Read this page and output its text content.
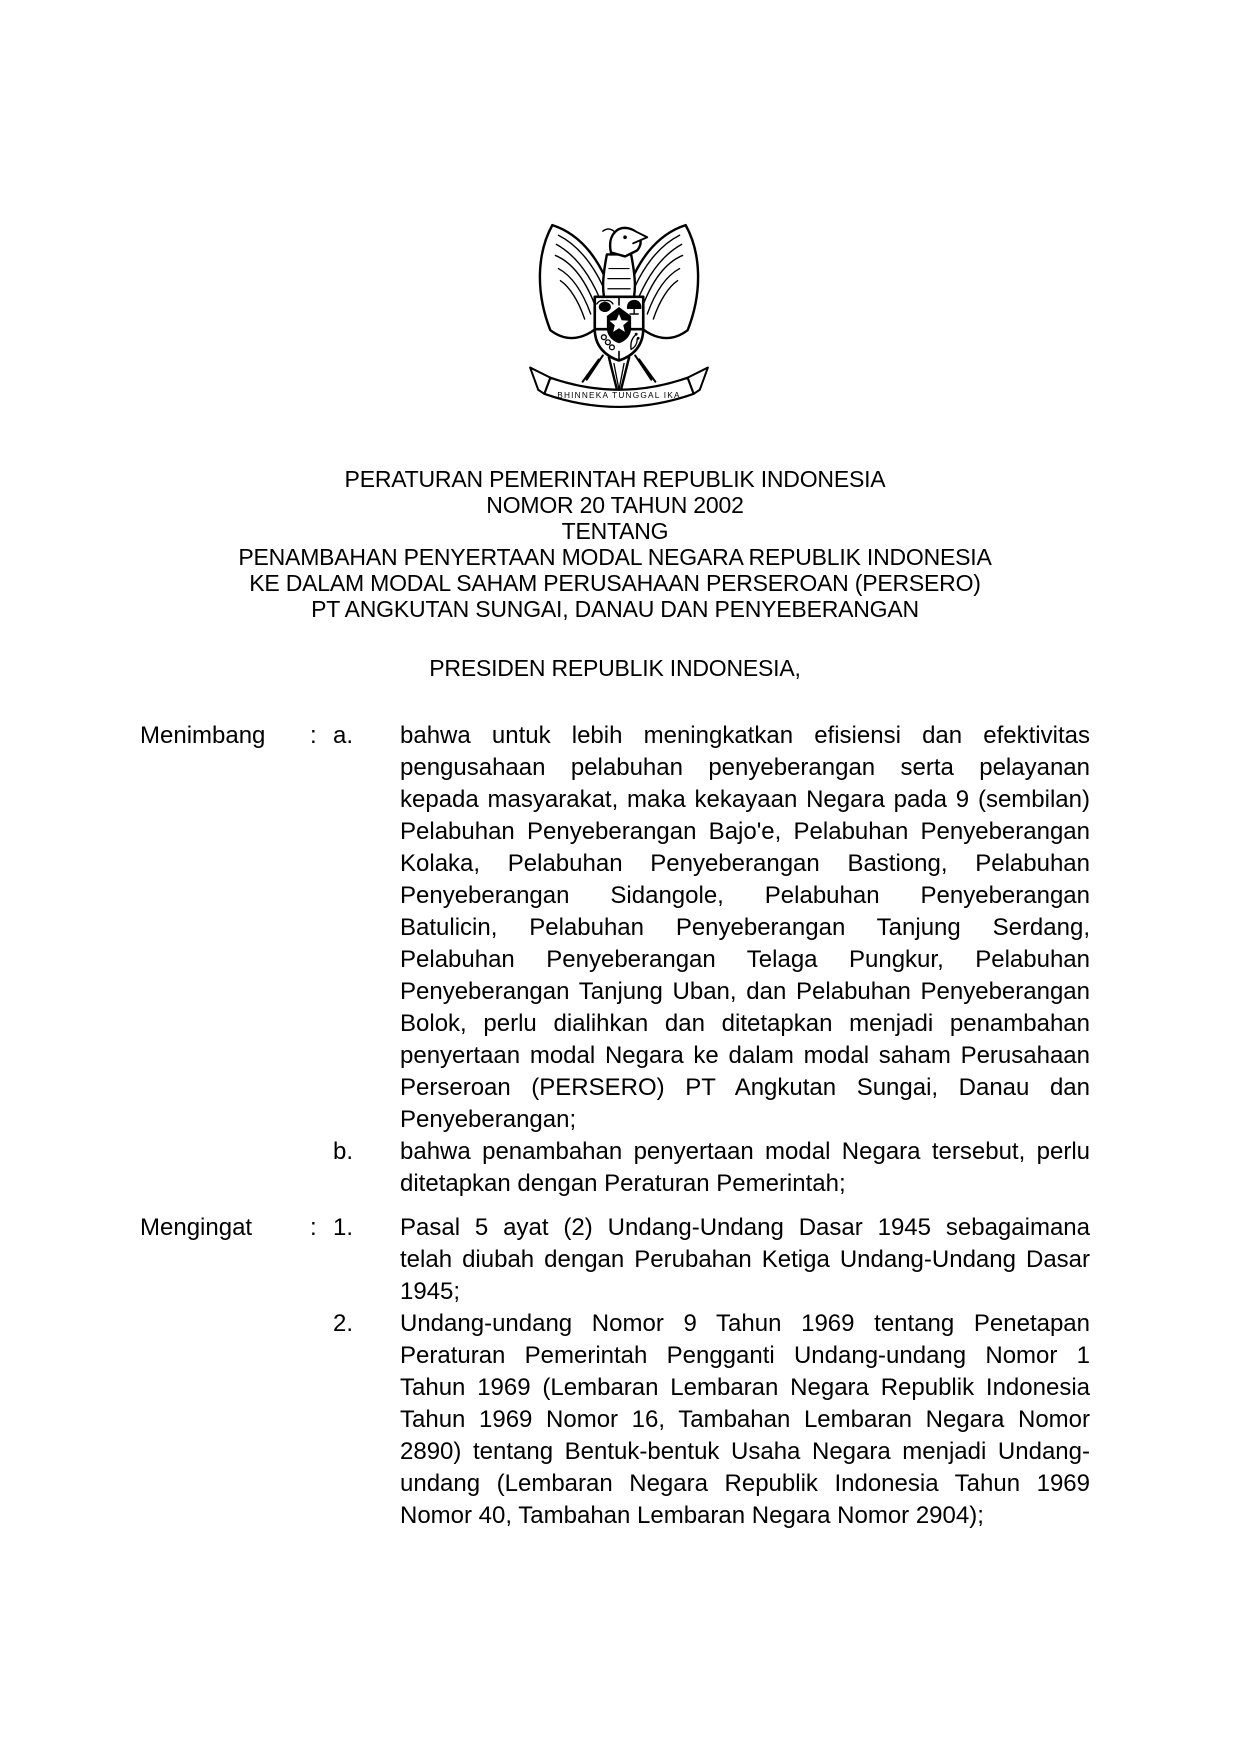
BHINNEKA TUNGGAL IKA
PERATURAN PEMERINTAH REPUBLIK INDONESIA
NOMOR 20 TAHUN 2002
TENTANG
PENAMBAHAN PENYERTAAN MODAL NEGARA REPUBLIK INDONESIA
KE DALAM MODAL SAHAM PERUSAHAAN PERSEROAN (PERSERO)
PT ANGKUTAN SUNGAI, DANAU DAN PENYEBERANGAN
PRESIDEN REPUBLIK INDONESIA,
Menimbang	: a.	bahwa untuk lebih meningkatkan efisiensi dan efektivitas pengusahaan pelabuhan penyeberangan serta pelayanan kepada masyarakat, maka kekayaan Negara pada 9 (sembilan) Pelabuhan Penyeberangan Bajo'e, Pelabuhan Penyeberangan Kolaka, Pelabuhan Penyeberangan Bastiong, Pelabuhan Penyeberangan Sidangole, Pelabuhan Penyeberangan Batulicin, Pelabuhan Penyeberangan Tanjung Serdang, Pelabuhan Penyeberangan Telaga Pungkur, Pelabuhan Penyeberangan Tanjung Uban, dan Pelabuhan Penyeberangan Bolok, perlu dialihkan dan ditetapkan menjadi penambahan penyertaan modal Negara ke dalam modal saham Perusahaan Perseroan (PERSERO) PT Angkutan Sungai, Danau dan Penyeberangan;
b.	bahwa penambahan penyertaan modal Negara tersebut, perlu ditetapkan dengan Peraturan Pemerintah;
Mengingat	: 1.	Pasal 5 ayat (2) Undang-Undang Dasar 1945 sebagaimana telah diubah dengan Perubahan Ketiga Undang-Undang Dasar 1945;
2.	Undang-undang Nomor 9 Tahun 1969 tentang Penetapan Peraturan Pemerintah Pengganti Undang-undang Nomor 1 Tahun 1969 (Lembaran Lembaran Negara Republik Indonesia Tahun 1969 Nomor 16, Tambahan Lembaran Negara Nomor 2890) tentang Bentuk-bentuk Usaha Negara menjadi Undang-undang (Lembaran Negara Republik Indonesia Tahun 1969 Nomor 40, Tambahan Lembaran Negara Nomor 2904);
